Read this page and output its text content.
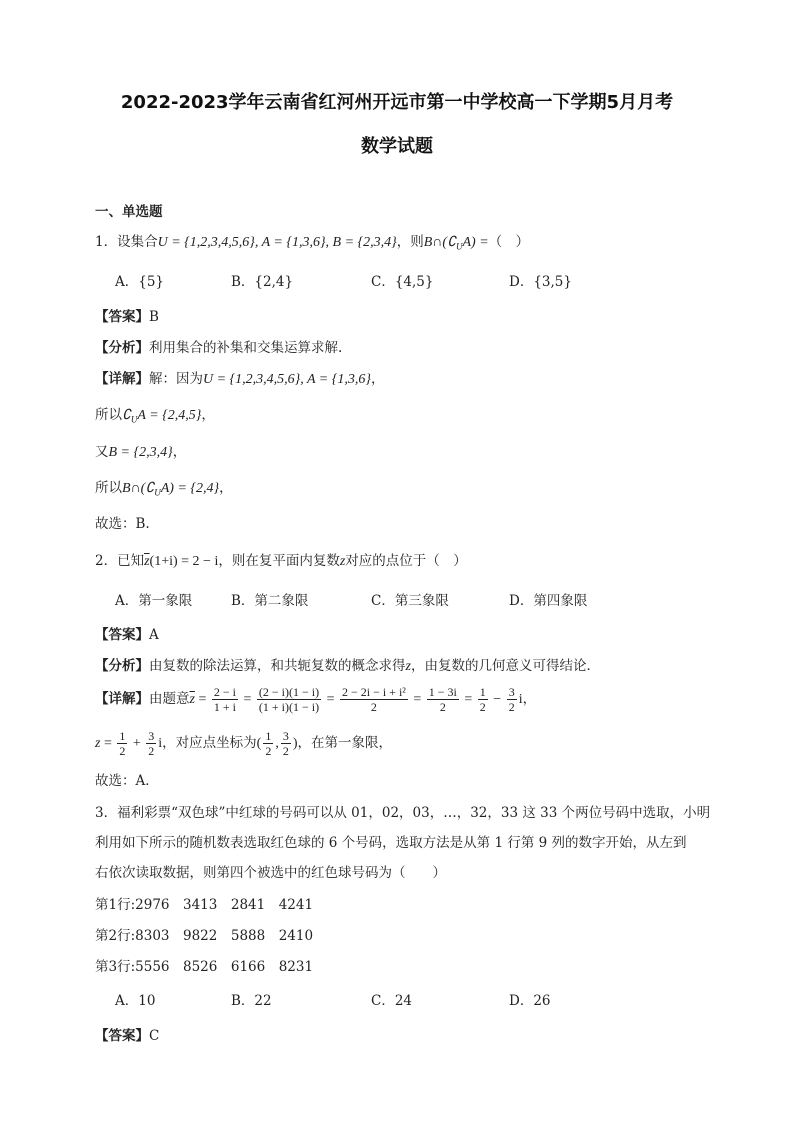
2022-2023学年云南省红河州开远市第一中学校高一下学期5月月考
数学试题
一、单选题
1．设集合U = {1,2,3,4,5,6}, A = {1,3,6}, B = {2,3,4}，则$B\cap(∁_UA)$ =（　）
A．{5}	B．{2,4}	C．{4,5}	D．{3,5}
【答案】B
【分析】利用集合的补集和交集运算求解.
【详解】解：因为U = {1,2,3,4,5,6}, A = {1,3,6}，
所以$∁_UA = \{2,4,5\}$，
又B = {2,3,4}，
所以$B\cap(∁_UA) = \{2,4\}$，
故选：B.
2．已知$\overline{z}(1+i) = 2 - i$，则在复平面内复数z对应的点位于（　）
A．第一象限	B．第二象限	C．第三象限	D．第四象限
【答案】A
【分析】由复数的除法运算，和共轭复数的概念求得z，由复数的几何意义可得结论．
【详解】由题意$\overline{z} = \frac{2 - i}{1 + i} = \frac{(2 - i)(1 - i)}{(1 + i)(1 - i)} = \frac{\text{2 − 2i − i + i²}}{2} = \frac{1 - 3i}{2} = \frac{1}{2} - \frac{3}{2}$ i，
$z = \frac{1}{2} + \frac{3}{2}$ i，对应点坐标为( $\frac{1}{2}$ , $\frac{3}{2}$ )，在第一象限，
故选：A．
3．福利彩票“双色球”中红球的号码可以从 01，02，03，…，32，33 这 33 个两位号码中选取，小明
利用如下所示的随机数表选取红色球的 6 个号码，选取方法是从第 1 行第 9 列的数字开始，从左到
右依次读取数据，则第四个被选中的红色球号码为（　　）
第1行:2976　3413　2841　4241
第2行:8303　9822　5888　2410
第3行:5556　8526　6166　8231
A．10	B．22	C．24	D．26
【答案】C
